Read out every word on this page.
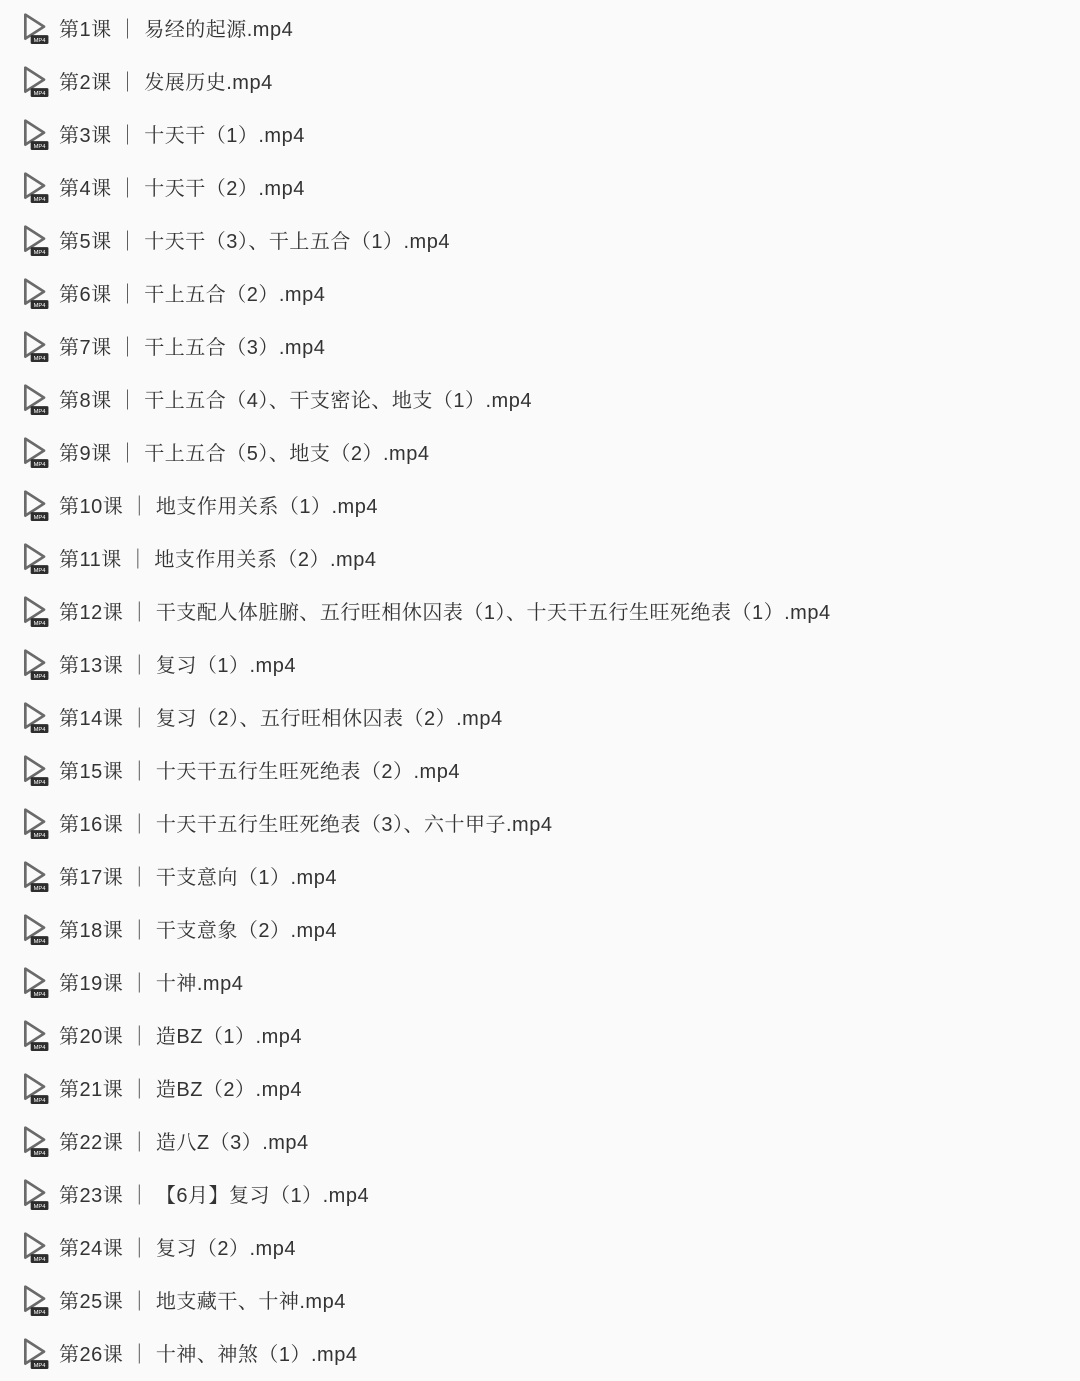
MP4 第1课 ｜ 易经的起源.mp4
MP4 第2课 ｜ 发展历史.mp4
MP4 第3课 ｜ 十天干（1）.mp4
MP4 第4课 ｜ 十天干（2）.mp4
MP4 第5课 ｜ 十天干（3）、干上五合（1）.mp4
MP4 第6课 ｜ 干上五合（2）.mp4
MP4 第7课 ｜ 干上五合（3）.mp4
MP4 第8课 ｜ 干上五合（4）、干支密论、地支（1）.mp4
MP4 第9课 ｜ 干上五合（5）、地支（2）.mp4
MP4 第10课 ｜ 地支作用关系（1）.mp4
MP4 第11课 ｜ 地支作用关系（2）.mp4
MP4 第12课 ｜ 干支配人体脏腑、五行旺相休囚表（1）、十天干五行生旺死绝表（1）.mp4
MP4 第13课 ｜ 复习（1）.mp4
MP4 第14课 ｜ 复习（2）、五行旺相休囚表（2）.mp4
MP4 第15课 ｜ 十天干五行生旺死绝表（2）.mp4
MP4 第16课 ｜ 十天干五行生旺死绝表（3）、六十甲子.mp4
MP4 第17课 ｜ 干支意向（1）.mp4
MP4 第18课 ｜ 干支意象（2）.mp4
MP4 第19课 ｜ 十神.mp4
MP4 第20课 ｜ 造BZ（1）.mp4
MP4 第21课 ｜ 造BZ（2）.mp4
MP4 第22课 ｜ 造八Z（3）.mp4
MP4 第23课 ｜ 【6月】复习（1）.mp4
MP4 第24课 ｜ 复习（2）.mp4
MP4 第25课 ｜ 地支藏干、十神.mp4
MP4 第26课 ｜ 十神、神煞（1）.mp4
